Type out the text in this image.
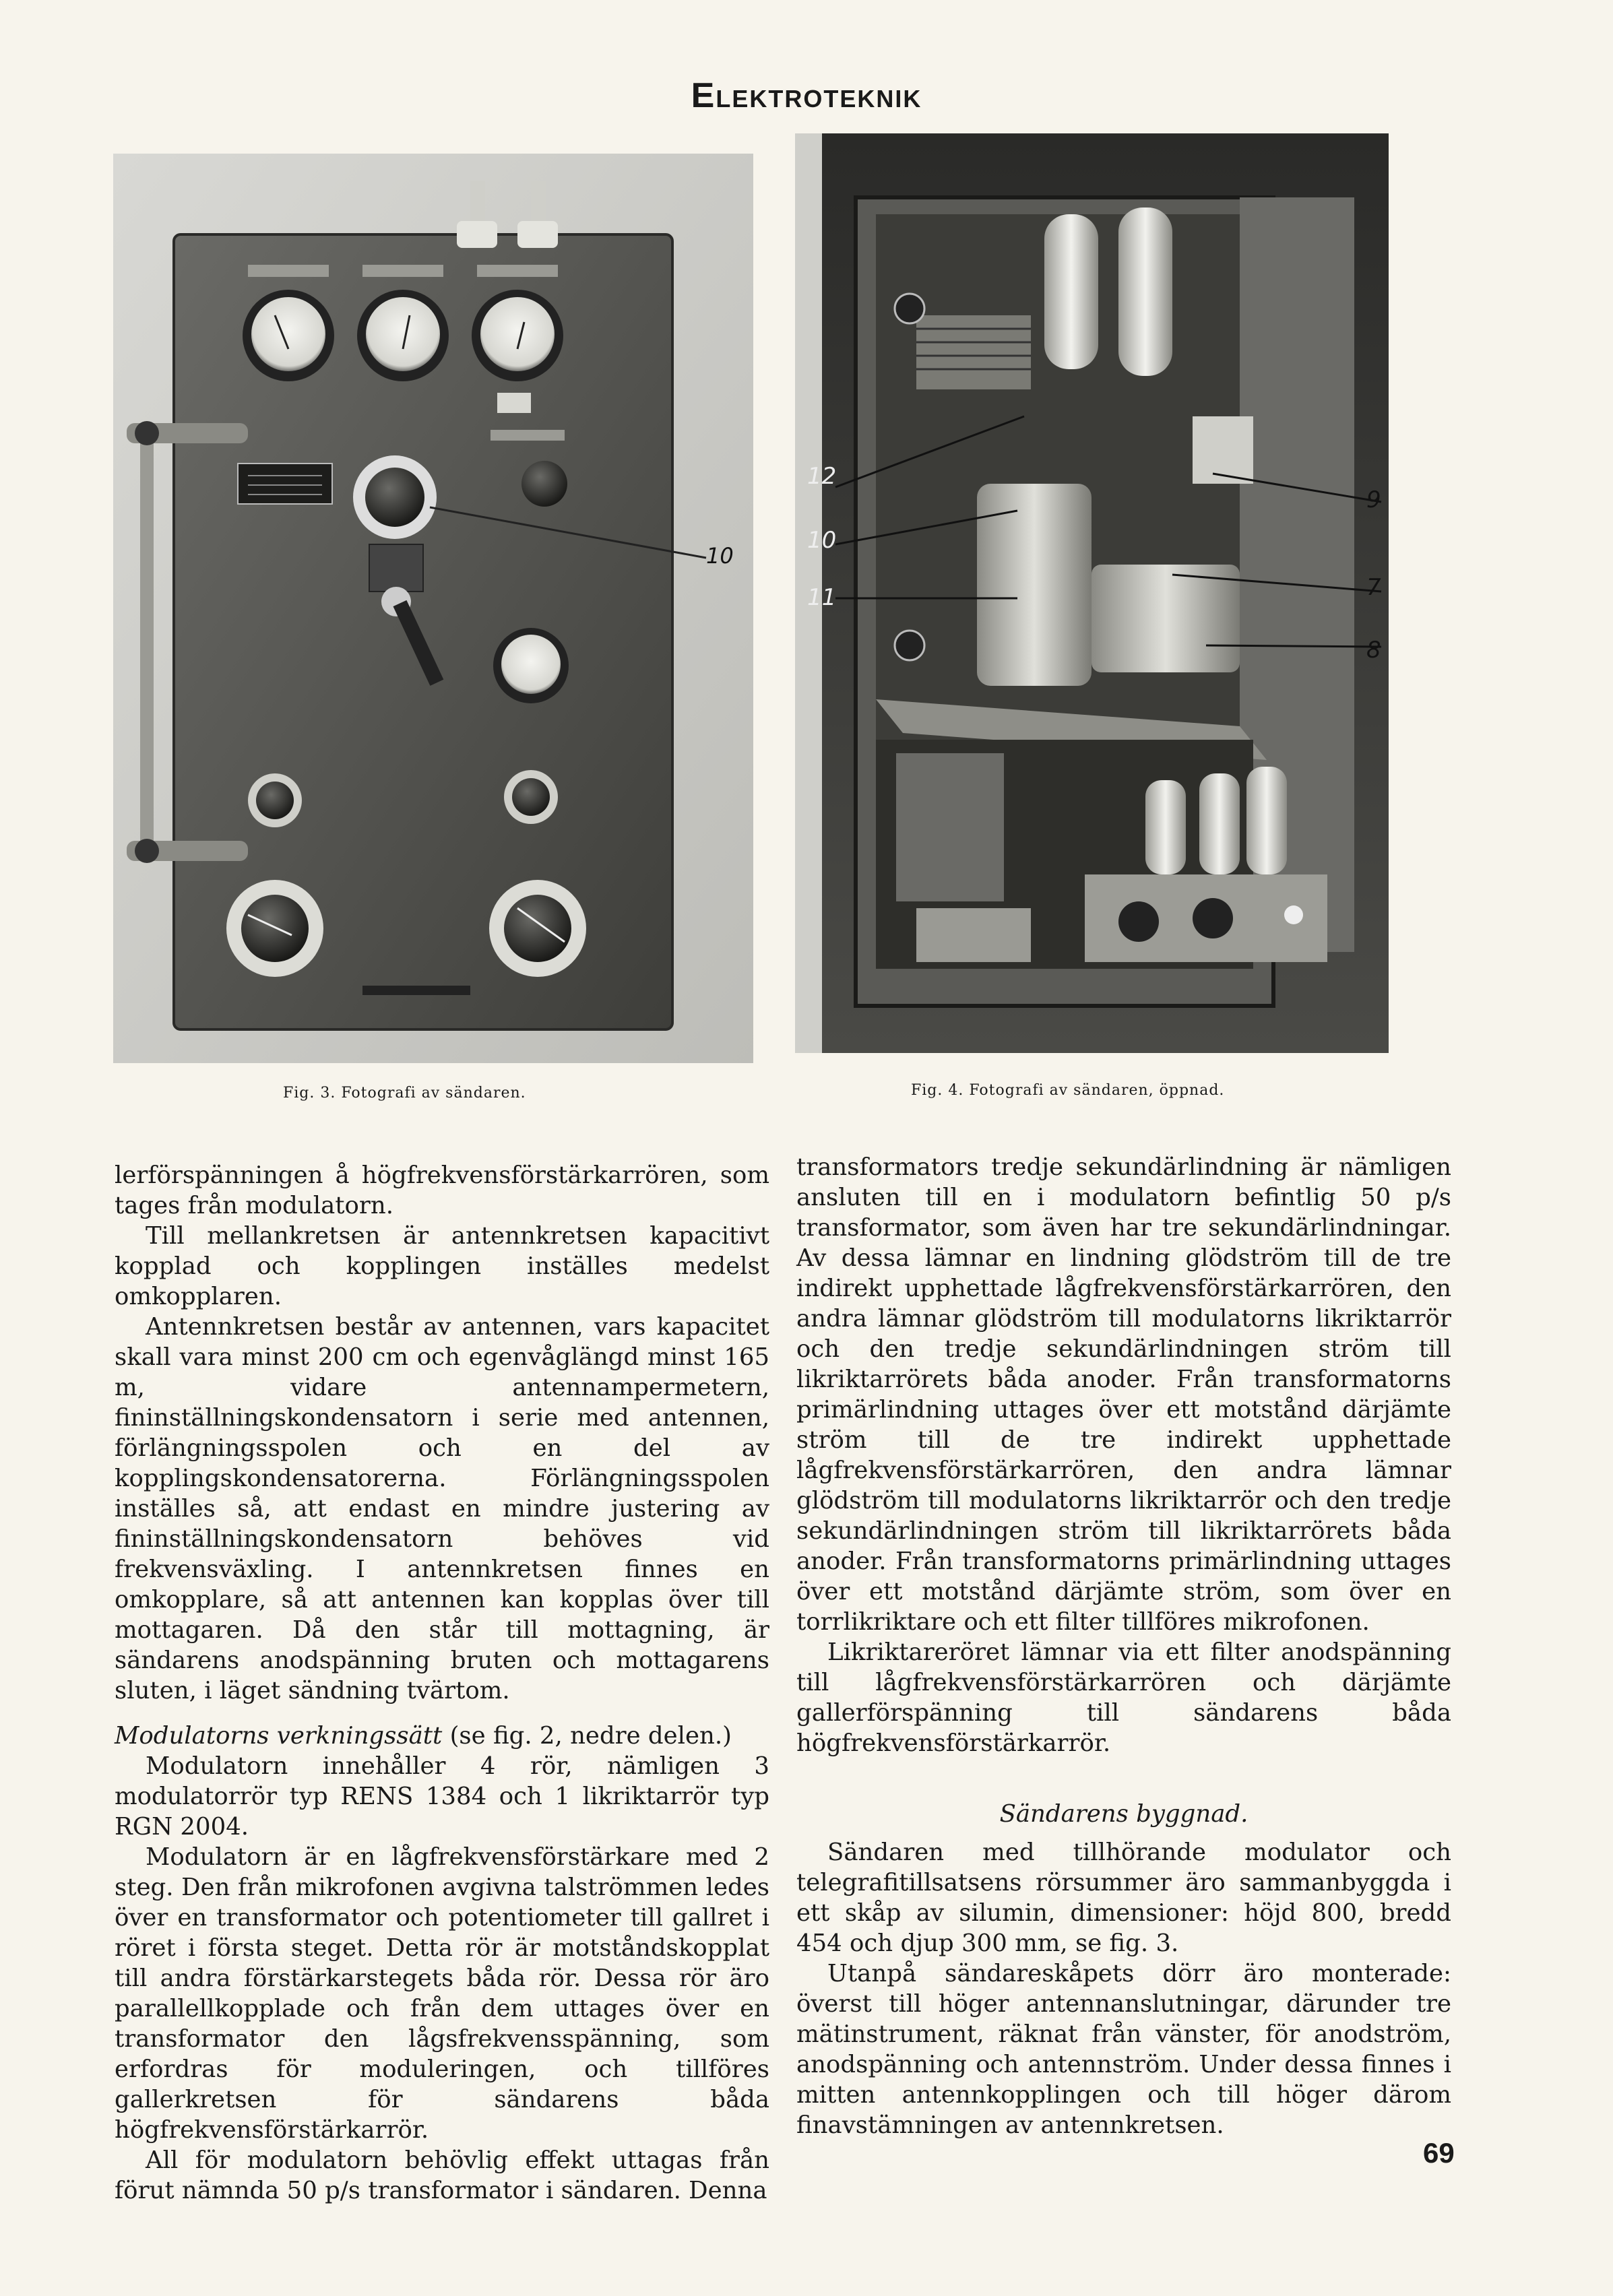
Elektroteknik
10
12
10
11
9
7
8
Fig. 3. Fotografi av sändaren.	Fig. 4. Fotografi av sändaren, öppnad.

lerförspänningen å högfrekvensförstärkarrören, som tages från modulatorn.

Till mellankretsen är antennkretsen kapacitivt kopplad och kopplingen inställes medelst omkopplaren.

Antennkretsen består av antennen, vars kapacitet skall vara minst 200 cm och egenvåglängd minst 165 m, vidare antennampermetern, fininställningskondensatorn i serie med antennen, förlängningsspolen och en del av kopplingskondensatorerna. Förlängningsspolen inställes så, att endast en mindre justering av fininställningskondensatorn behöves vid frekvensväxling. I antennkretsen finnes en omkopplare, så att antennen kan kopplas över till mottagaren. Då den står till mottagning, är sändarens anodspänning bruten och mottagarens sluten, i läget sändning tvärtom.

Modulatorns verkningssätt (se fig. 2, nedre delen.)

Modulatorn innehåller 4 rör, nämligen 3 modulatorrör typ RENS 1384 och 1 likriktarrör typ RGN 2004.

Modulatorn är en lågfrekvensförstärkare med 2 steg. Den från mikrofonen avgivna talströmmen ledes över en transformator och potentiometer till gallret i röret i första steget. Detta rör är motståndskopplat till andra förstärkarstegets båda rör. Dessa rör äro parallellkopplade och från dem uttages över en transformator den lågsfrekvensspänning, som erfordras för moduleringen, och tillföres gallerkretsen för sändarens båda högfrekvensförstärkarrör.

All för modulatorn behövlig effekt uttagas från förut nämnda 50 p/s transformator i sändaren. Denna

transformators tredje sekundärlindning är nämligen ansluten till en i modulatorn befintlig 50 p/s transformator, som även har tre sekundärlindningar. Av dessa lämnar en lindning glödström till de tre indirekt upphettade lågfrekvensförstärkarrören, den andra lämnar glödström till modulatorns likriktarrör och den tredje sekundärlindningen ström till likriktarrörets båda anoder. Från transformatorns primärlindning uttages över ett motstånd därjämte ström till de tre indirekt upphettade lågfrekvensförstärkarrören, den andra lämnar glödström till modulatorns likriktarrör och den tredje sekundärlindningen ström till likriktarrörets båda anoder. Från transformatorns primärlindning uttages över ett motstånd därjämte ström, som över en torrlikriktare och ett filter tillföres mikrofonen.

Likriktareröret lämnar via ett filter anodspänning till lågfrekvensförstärkarrören och därjämte gallerförspänning till sändarens båda högfrekvensförstärkarrör.

Sändarens byggnad.

Sändaren med tillhörande modulator och telegrafitillsatsens rörsummer äro sammanbyggda i ett skåp av silumin, dimensioner: höjd 800, bredd 454 och djup 300 mm, se fig. 3.

Utanpå sändareskåpets dörr äro monterade: överst till höger antennanslutningar, därunder tre mätinstrument, räknat från vänster, för anodström, anodspänning och antennström. Under dessa finnes i mitten antennkopplingen och till höger därom finavstämningen av antennkretsen.

69
